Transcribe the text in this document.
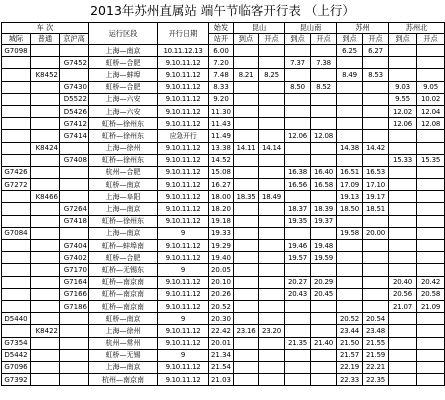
2013年苏州直属站 端午节临客开行表 （上行）
车 次			运行区段	开行日期	始发	昆山		昆山南		苏州		苏州北	
城际	普通	京沪高											
					站开	到点	开点	到点	开点	到点	开点	到点	开点
G7098			上海—南京	10.11.12.13	6.00					6.25	6.27		
		G7452	虹桥—合肥	9.10.11.12	7.20			7.37	7.38				
	K8452		上海—蚌埠	9.10.11.12	7.48	8.21	8.25			8.49	8.53		
		G7430	虹桥—合肥	9.10.11.12	8.33			8.50	8.52			9.03	9.05
		D5522	上海—六安	9.10.11.12	9.20							9.55	10.02
		D5426	上海—六安	9.10.11.12	11.30							12.02	12.04
		G7412	虹桥—徐州东	9.10.11.12	11.43							12.06	12.08
		G7414	虹桥—徐州东	应急开行	11.49			12.06	12.08				
	K8424		上海—徐州	9.10.11.12	13.38	14.11	14.14			14.38	14.42		
		G7408	虹桥—徐州东	9.10.11.12	14.52							15.33	15.35
G7426			杭州—合肥	9.10.11.12	15.08			16.38	16.40	16.51	16.53		
G7272			虹桥—南京	9.10.11.12	16.27			16.56	16.58	17.09	17.10		
	K8466		上海—阜阳	9.10.11.12	18.00	18.35	18.49			19.13	19.17		
		G7264	上海—南京	9.10.11.12	18.20			18.37	18.39	18.50	18.51		
		G7418	虹桥—徐州东	9.10.11.12	19.18			19.35	19.37				
G7084			上海—南京	9	19.33					19.58	20.00		
		G7404	虹桥—蚌埠南	9.10.11.12	19.29			19.46	19.48				
		G7402	虹桥—合肥	9.10.11.12	19.40			19.57	19.59				
		G7170	虹桥—无锡东	9	20.05								
		G7164	虹桥—南京南	9.10.11.12	20.10			20.27	20.29			20.40	20.42
		G7166	虹桥—南京南	9.10.11.12	20.26			20.43	20.45			20.56	20.58
		G7186	虹桥—南京南	9.10.11.12	20.52							21.07	21.09
D5440			虹桥—南京	9	20.30					20.52	20.54		
	K8422		上海—徐州	9.10.11.12	22.42	23.16	23.20			23.44	23.48		
G7354			杭州—常州	9.10.11.12	20.01			21.35	21.40	21.50	21.55		
D5442			虹桥—无锡	9	21.34					21.57	21.59		
G7096			上海—南京	9.10.11.12	21.54					22.19	22.21		
G7392			杭州—南京南	9.10.11.12	21.03					22.33	22.35		
